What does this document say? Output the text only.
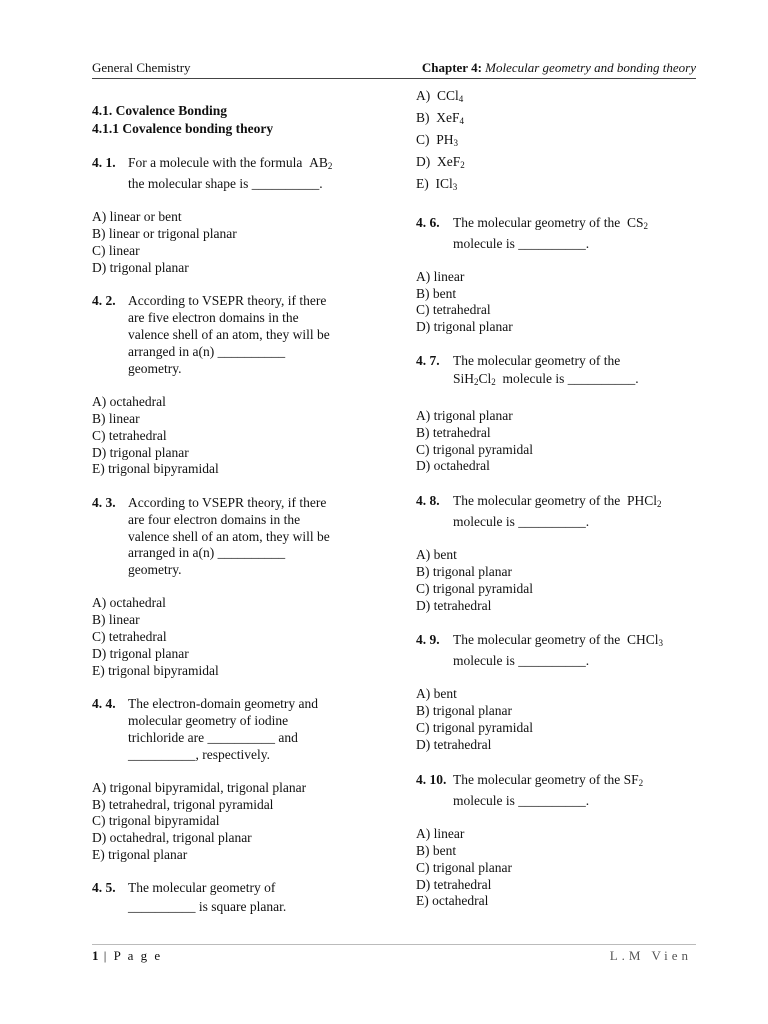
General Chemistry	Chapter 4: Molecular geometry and bonding theory
4.1. Covalence Bonding
4.1.1 Covalence bonding theory
4. 1. For a molecule with the formula  $AB_2$
the molecular shape is __________.
A) linear or bent
B) linear or trigonal planar
C) linear
D) trigonal planar
4. 2. According to VSEPR theory, if there
are five electron domains in the
valence shell of an atom, they will be
arranged in a(n) __________
geometry.
A) octahedral
B) linear
C) tetrahedral
D) trigonal planar
E) trigonal bipyramidal
4. 3. According to VSEPR theory, if there
are four electron domains in the
valence shell of an atom, they will be
arranged in a(n) __________
geometry.
A) octahedral
B) linear
C) tetrahedral
D) trigonal planar
E) trigonal bipyramidal
4. 4. The electron-domain geometry and
molecular geometry of iodine
trichloride are __________ and
__________, respectively.
A) trigonal bipyramidal, trigonal planar
B) tetrahedral, trigonal pyramidal
C) trigonal bipyramidal
D) octahedral, trigonal planar
E) trigonal planar
4. 5. The molecular geometry of
__________ is square planar.
A)  CCl$_4$
B)  XeF$_4$
C)  $PH_3$
D)  XeF$_2$
E)  ICl$_3$
4. 6. The molecular geometry of the  $CS_2$
molecule is __________.
A) linear
B) bent
C) tetrahedral
D) trigonal planar
4. 7. The molecular geometry of the
$SiH_2Cl_2$ molecule is __________.
A) trigonal planar
B) tetrahedral
C) trigonal pyramidal
D) octahedral
4. 8. The molecular geometry of the  PHCl$_2$
molecule is __________.
A) bent
B) trigonal planar
C) trigonal pyramidal
D) tetrahedral
4. 9. The molecular geometry of the  CHCl$_3$
molecule is __________.
A) bent
B) trigonal planar
C) trigonal pyramidal
D) tetrahedral
4. 10. The molecular geometry of the $SF_2$
molecule is __________.
A) linear
B) bent
C) trigonal planar
D) tetrahedral
E) octahedral
1 | P a g e	L.M Vien
